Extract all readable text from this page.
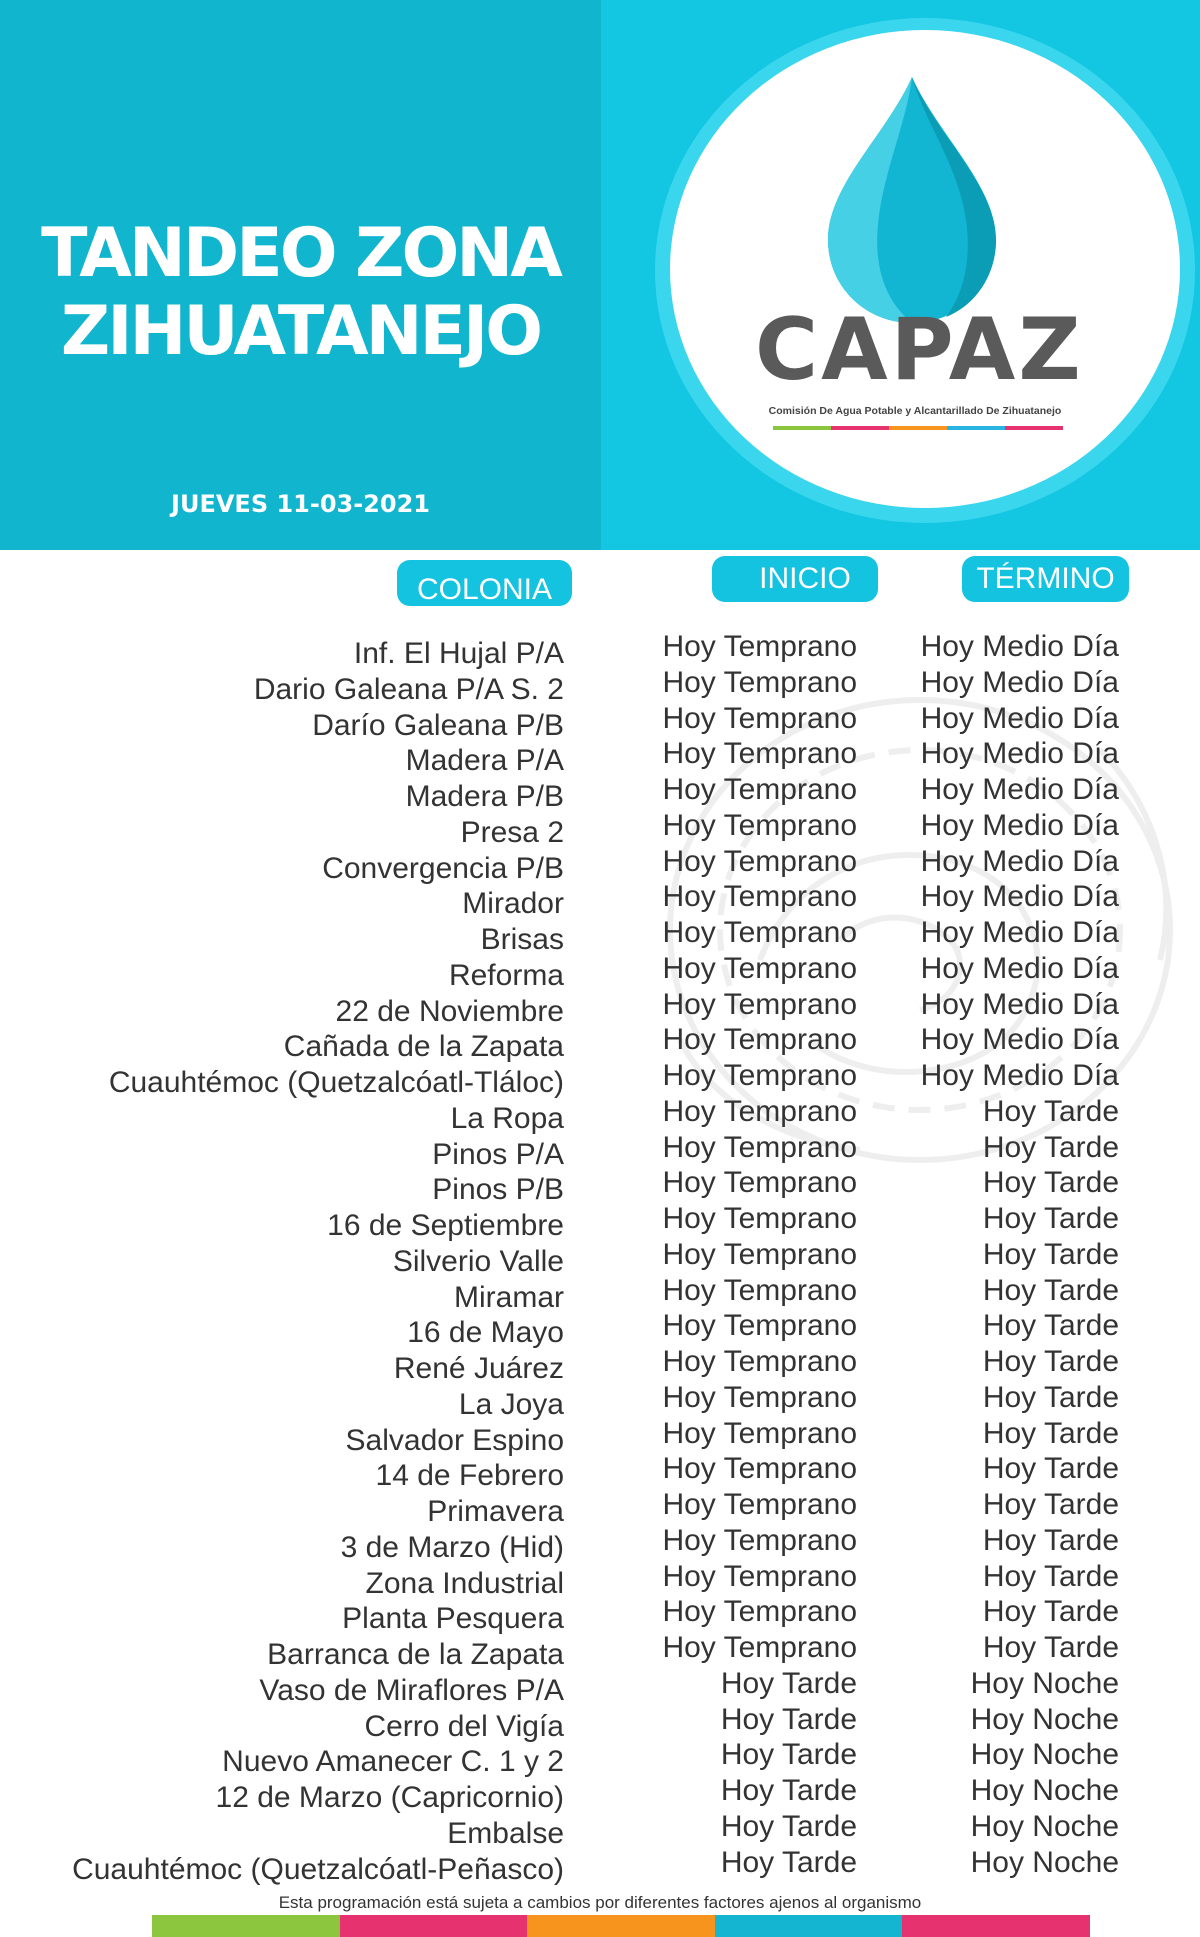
TANDEO ZONA
ZIHUATANEJO
JUEVES 11-03-2021
CAPAZ
Comisión De Agua Potable y Alcantarillado De Zihuatanejo
COLONIA	INICIO	TÉRMINO
Inf. El Hujal P/A	Hoy Temprano Hoy Medio Día
Dario Galeana P/A S. 2	Hoy Temprano Hoy Medio Día
Darío Galeana P/B	Hoy Temprano Hoy Medio Día
Madera P/A	Hoy Temprano Hoy Medio Día
Madera P/B	Hoy Temprano Hoy Medio Día
Presa 2	Hoy Temprano Hoy Medio Día
Convergencia P/B	Hoy Temprano Hoy Medio Día
Mirador	Hoy Temprano Hoy Medio Día
Brisas	Hoy Temprano Hoy Medio Día
Reforma	Hoy Temprano Hoy Medio Día
22 de Noviembre	Hoy Temprano Hoy Medio Día
Cañada de la Zapata	Hoy Temprano Hoy Medio Día
Cuauhtémoc (Quetzalcóatl-Tláloc)	Hoy Temprano Hoy Medio Día
La Ropa	Hoy Temprano	Hoy Tarde
Pinos P/A	Hoy Temprano	Hoy Tarde
Pinos P/B	Hoy Temprano	Hoy Tarde
16 de Septiembre	Hoy Temprano	Hoy Tarde
Silverio Valle	Hoy Temprano	Hoy Tarde
Miramar	Hoy Temprano	Hoy Tarde
16 de Mayo	Hoy Temprano	Hoy Tarde
René Juárez	Hoy Temprano	Hoy Tarde
La Joya	Hoy Temprano	Hoy Tarde
Salvador Espino	Hoy Temprano	Hoy Tarde
14 de Febrero	Hoy Temprano	Hoy Tarde
Primavera	Hoy Temprano	Hoy Tarde
3 de Marzo (Hid)	Hoy Temprano	Hoy Tarde
Zona Industrial	Hoy Temprano	Hoy Tarde
Planta Pesquera	Hoy Temprano	Hoy Tarde
Barranca de la Zapata	Hoy Temprano	Hoy Tarde
Vaso de Miraflores P/A	Hoy Tarde	Hoy Noche
Cerro del Vigía	Hoy Tarde	Hoy Noche
Nuevo Amanecer C. 1 y 2	Hoy Tarde	Hoy Noche
12 de Marzo (Capricornio)	Hoy Tarde	Hoy Noche
Embalse	Hoy Tarde	Hoy Noche
Cuauhtémoc (Quetzalcóatl-Peñasco)	Hoy Tarde	Hoy Noche
Esta programación está sujeta a cambios por diferentes factores ajenos al organismo
